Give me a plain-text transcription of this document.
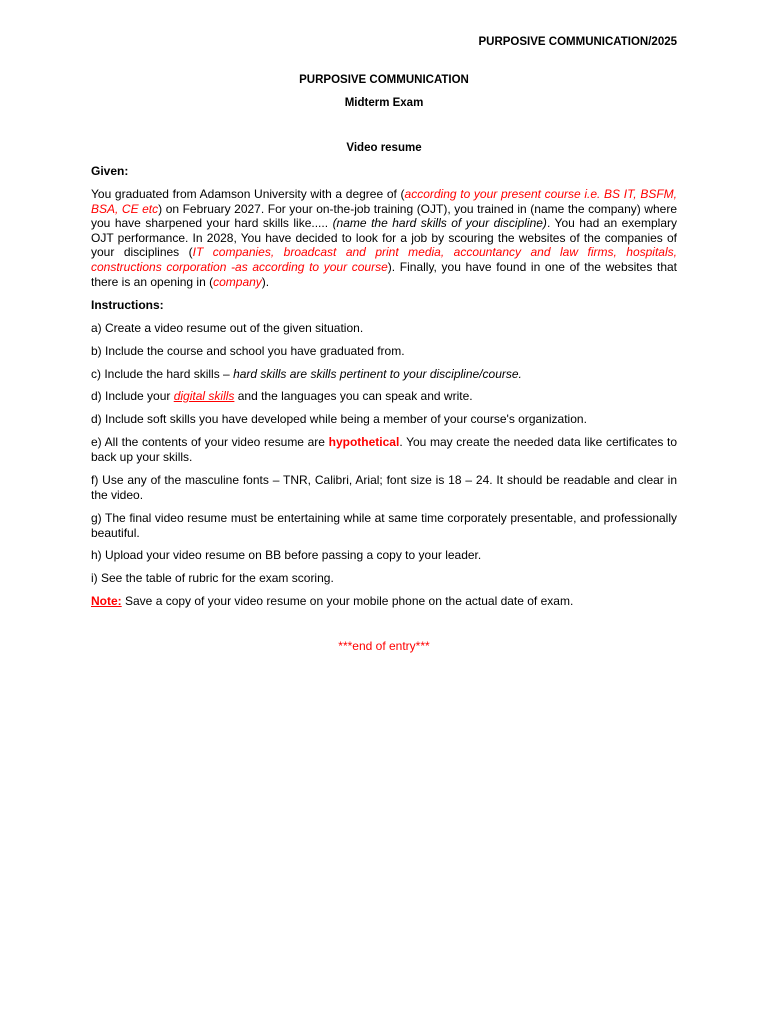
PURPOSIVE COMMUNICATION/2025
PURPOSIVE COMMUNICATION
Midterm Exam
Video resume
Given:
You graduated from Adamson University with a degree of (according to your present course i.e. BS IT, BSFM, BSA, CE etc) on February 2027. For your on-the-job training (OJT), you trained in (name the company) where you have sharpened your hard skills like..... (name the hard skills of your discipline). You had an exemplary OJT performance. In 2028, You have decided to look for a job by scouring the websites of the companies of your disciplines (IT companies, broadcast and print media, accountancy and law firms, hospitals, constructions corporation -as according to your course). Finally, you have found in one of the websites that there is an opening in (company).
Instructions:
a) Create a video resume out of the given situation.
b) Include the course and school you have graduated from.
c) Include the hard skills – hard skills are skills pertinent to your discipline/course.
d) Include your digital skills and the languages you can speak and write.
d) Include soft skills you have developed while being a member of your course's organization.
e) All the contents of your video resume are hypothetical. You may create the needed data like certificates to back up your skills.
f) Use any of the masculine fonts – TNR, Calibri, Arial; font size is 18 – 24. It should be readable and clear in the video.
g) The final video resume must be entertaining while at same time corporately presentable, and professionally beautiful.
h) Upload your video resume on BB before passing a copy to your leader.
i) See the table of rubric for the exam scoring.
Note: Save a copy of your video resume on your mobile phone on the actual date of exam.
***end of entry***
